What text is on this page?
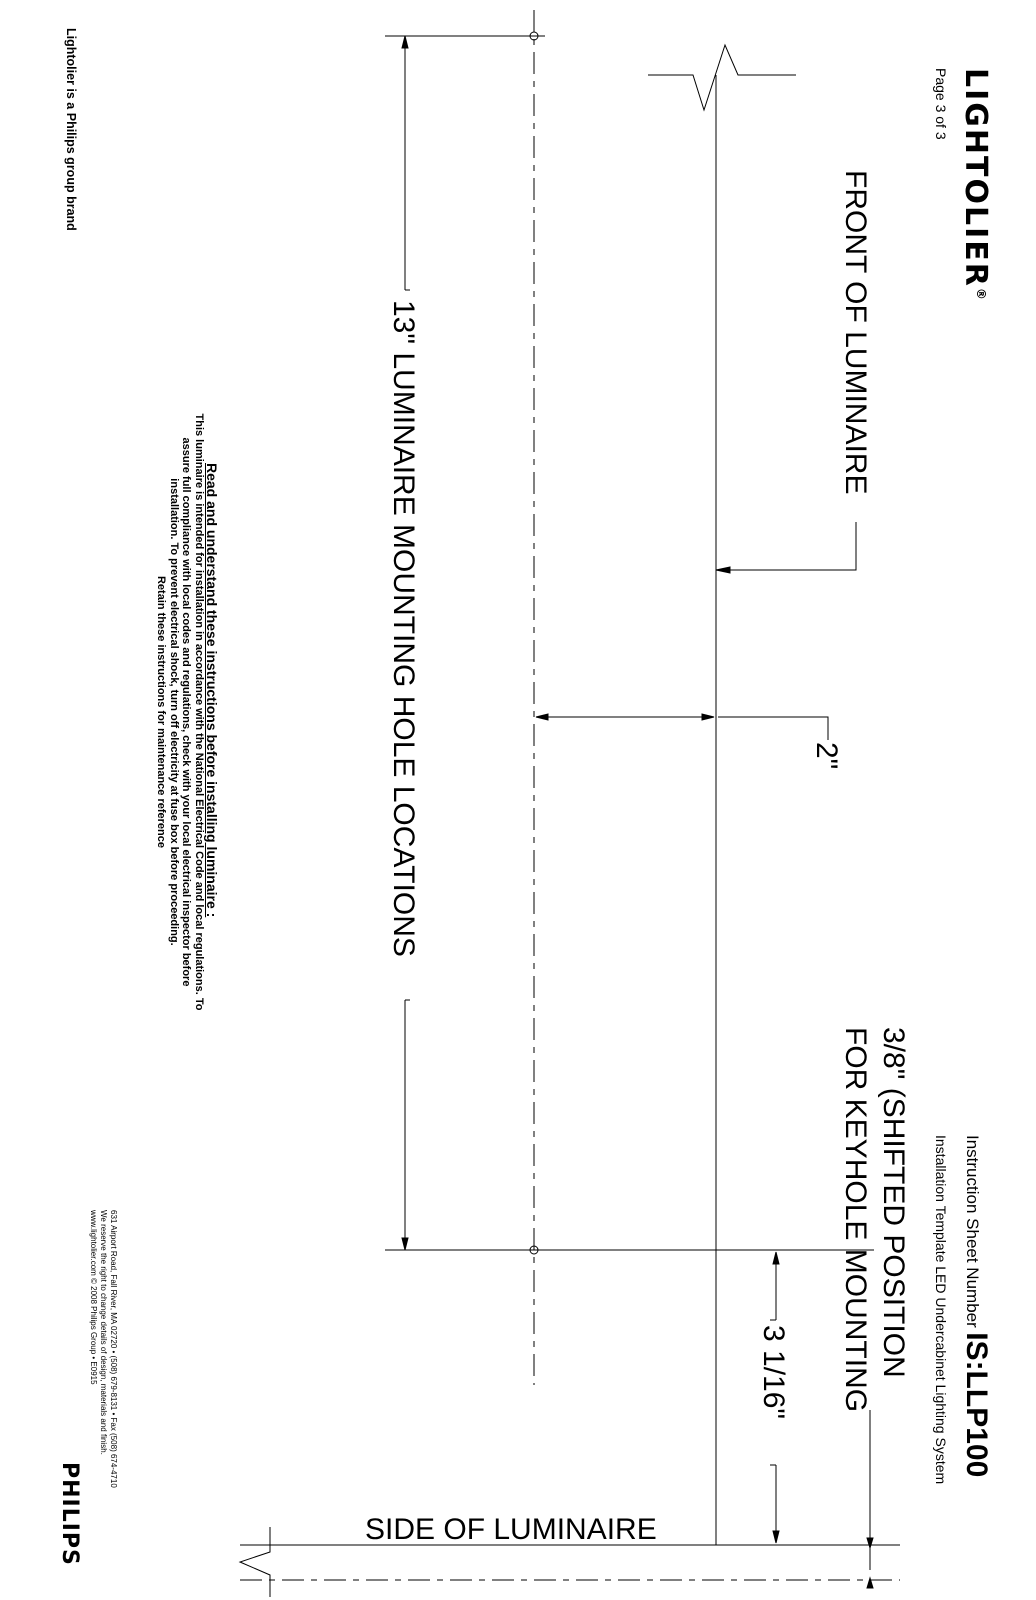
LIGHTOLIER®
Page 3 of 3
Instruction Sheet Number IS:LLP100
Installation Template LED Undercabinet Lighting System
FRONT OF LUMINAIRE
13" LUMINAIRE MOUNTING HOLE LOCATIONS	2"
3/8" (SHIFTED POSITION
FOR KEYHOLE MOUNTING
3 1/16"
SIDE OF LUMINAIRE
Read and understand these instructions before installing luminaire :
This luminaire is intended for installation in accordance with the National Electrical Code and local regulations. To
assure full compliance with local codes and regulations, check with your local electrical inspector before
installation. To prevent electrical shock, turn off electricity at fuse box before proceeding.
Retain these instructions for maintenance reference
631 Airport Road, Fall River, MA 02720 • (508) 679-8131 • Fax (508) 674-4710
We reserve the right to change details of design, materials and finish.
www.lightolier.com © 2008 Philips Group • E0915
PHILIPS
Lightolier is a Philips group brand
